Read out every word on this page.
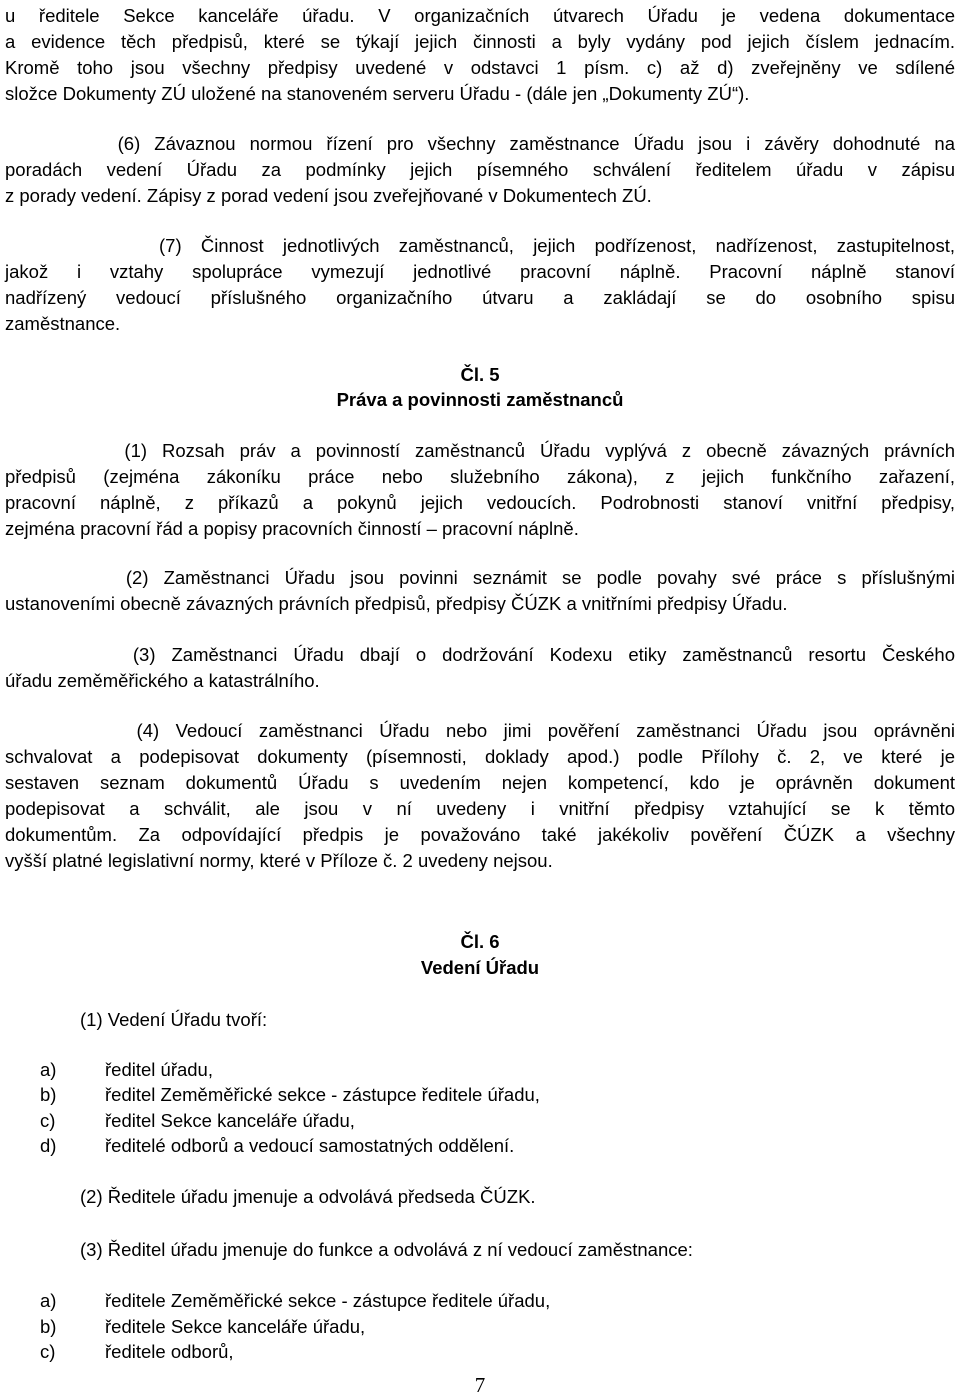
u ředitele Sekce kanceláře úřadu. V organizačních útvarech Úřadu je vedena dokumentace
a evidence těch předpisů, které se týkají jejich činnosti a byly vydány pod jejich číslem jednacím.
Kromě toho jsou všechny předpisy uvedené v odstavci 1 písm. c) až d) zveřejněny ve sdílené
složce Dokumenty ZÚ uložené na stanoveném serveru Úřadu - (dále jen „Dokumenty ZÚ“).
(6) Závaznou normou řízení pro všechny zaměstnance Úřadu jsou i závěry dohodnuté na
poradách vedení Úřadu za podmínky jejich písemného schválení ředitelem úřadu v zápisu
z porady vedení. Zápisy z porad vedení jsou zveřejňované v Dokumentech ZÚ.
(7) Činnost jednotlivých zaměstnanců, jejich podřízenost, nadřízenost, zastupitelnost,
jakož i vztahy spolupráce vymezují jednotlivé pracovní náplně. Pracovní náplně stanoví
nadřízený vedoucí příslušného organizačního útvaru a zakládají se do osobního spisu
zaměstnance.
Čl. 5
Práva a povinnosti zaměstnanců
(1) Rozsah práv a povinností zaměstnanců Úřadu vyplývá z obecně závazných právních
předpisů (zejména zákoníku práce nebo služebního zákona), z jejich funkčního zařazení,
pracovní náplně, z příkazů a pokynů jejich vedoucích. Podrobnosti stanoví vnitřní předpisy,
zejména pracovní řád a popisy pracovních činností – pracovní náplně.
(2) Zaměstnanci Úřadu jsou povinni seznámit se podle povahy své práce s příslušnými
ustanoveními obecně závazných právních předpisů, předpisy ČÚZK a vnitřními předpisy Úřadu.
(3) Zaměstnanci Úřadu dbají o dodržování Kodexu etiky zaměstnanců resortu Českého
úřadu zeměměřického a katastrálního.
(4) Vedoucí zaměstnanci Úřadu nebo jimi pověření zaměstnanci Úřadu jsou oprávněni
schvalovat a podepisovat dokumenty (písemnosti, doklady apod.) podle Přílohy č. 2, ve které je
sestaven seznam dokumentů Úřadu s uvedením nejen kompetencí, kdo je oprávněn dokument
podepisovat a schválit, ale jsou v ní uvedeny i vnitřní předpisy vztahující se k těmto
dokumentům. Za odpovídající předpis je považováno také jakékoliv pověření ČÚZK a všechny
vyšší platné legislativní normy, které v Příloze č. 2 uvedeny nejsou.
Čl. 6
Vedení Úřadu
(1) Vedení Úřadu tvoří:
a)	ředitel úřadu,
b)	ředitel Zeměměřické sekce - zástupce ředitele úřadu,
c)	ředitel Sekce kanceláře úřadu,
d)	ředitelé odborů a vedoucí samostatných oddělení.
(2) Ředitele úřadu jmenuje a odvolává předseda ČÚZK.
(3) Ředitel úřadu jmenuje do funkce a odvolává z ní vedoucí zaměstnance:
a)	ředitele Zeměměřické sekce - zástupce ředitele úřadu,
b)	ředitele Sekce kanceláře úřadu,
c)	ředitele odborů,
7
